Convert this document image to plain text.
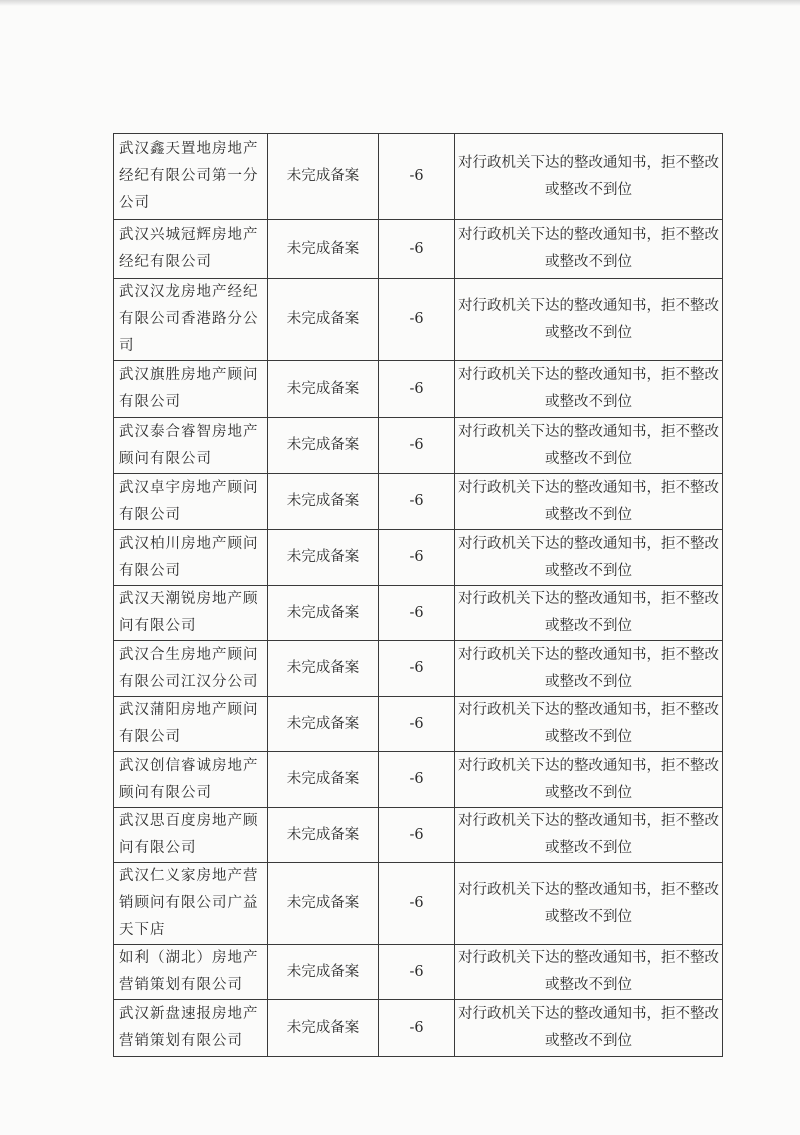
武汉鑫天置地房地产经纪有限公司第一分公司	未完成备案	-6	对行政机关下达的整改通知书，拒不整改或整改不到位
武汉兴城冠辉房地产经纪有限公司	未完成备案	-6	对行政机关下达的整改通知书，拒不整改或整改不到位
武汉汉龙房地产经纪有限公司香港路分公司	未完成备案	-6	对行政机关下达的整改通知书，拒不整改或整改不到位
武汉旗胜房地产顾问有限公司	未完成备案	-6	对行政机关下达的整改通知书，拒不整改或整改不到位
武汉泰合睿智房地产顾问有限公司	未完成备案	-6	对行政机关下达的整改通知书，拒不整改或整改不到位
武汉卓宇房地产顾问有限公司	未完成备案	-6	对行政机关下达的整改通知书，拒不整改或整改不到位
武汉柏川房地产顾问有限公司	未完成备案	-6	对行政机关下达的整改通知书，拒不整改或整改不到位
武汉天潮锐房地产顾问有限公司	未完成备案	-6	对行政机关下达的整改通知书，拒不整改或整改不到位
武汉合生房地产顾问有限公司江汉分公司	未完成备案	-6	对行政机关下达的整改通知书，拒不整改或整改不到位
武汉蒲阳房地产顾问有限公司	未完成备案	-6	对行政机关下达的整改通知书，拒不整改或整改不到位
武汉创信睿诚房地产顾问有限公司	未完成备案	-6	对行政机关下达的整改通知书，拒不整改或整改不到位
武汉思百度房地产顾问有限公司	未完成备案	-6	对行政机关下达的整改通知书，拒不整改或整改不到位
武汉仁义家房地产营销顾问有限公司广益天下店	未完成备案	-6	对行政机关下达的整改通知书，拒不整改或整改不到位
如利（湖北）房地产营销策划有限公司	未完成备案	-6	对行政机关下达的整改通知书，拒不整改或整改不到位
武汉新盘速报房地产营销策划有限公司	未完成备案	-6	对行政机关下达的整改通知书，拒不整改或整改不到位
